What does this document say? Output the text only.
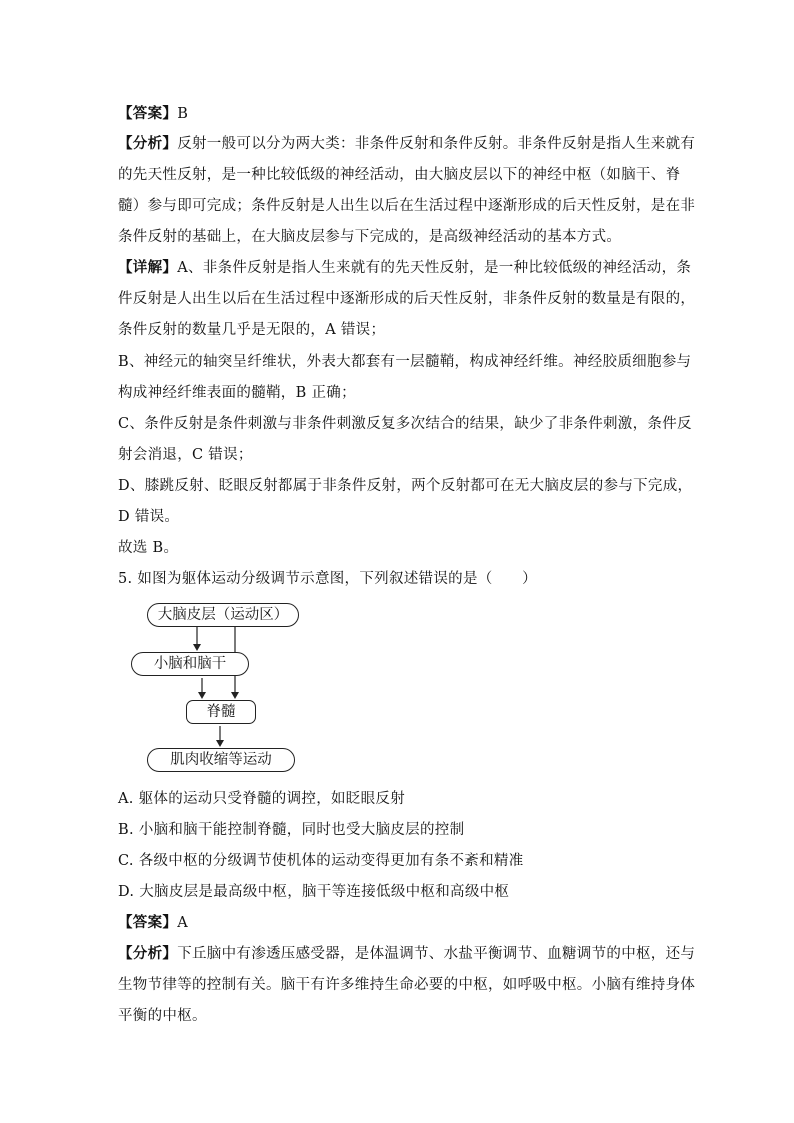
【答案】B
【分析】反射一般可以分为两大类：非条件反射和条件反射。非条件反射是指人生来就有
的先天性反射，是一种比较低级的神经活动，由大脑皮层以下的神经中枢（如脑干、脊
髓）参与即可完成；条件反射是人出生以后在生活过程中逐渐形成的后天性反射，是在非
条件反射的基础上，在大脑皮层参与下完成的，是高级神经活动的基本方式。
【详解】A、非条件反射是指人生来就有的先天性反射，是一种比较低级的神经活动，条
件反射是人出生以后在生活过程中逐渐形成的后天性反射，非条件反射的数量是有限的，
条件反射的数量几乎是无限的，A 错误；
B、神经元的轴突呈纤维状，外表大都套有一层髓鞘，构成神经纤维。神经胶质细胞参与
构成神经纤维表面的髓鞘，B 正确；
C、条件反射是条件刺激与非条件刺激反复多次结合的结果，缺少了非条件刺激，条件反
射会消退，C 错误；
D、膝跳反射、眨眼反射都属于非条件反射，两个反射都可在无大脑皮层的参与下完成，
D 错误。
故选 B。
5. 如图为躯体运动分级调节示意图，下列叙述错误的是（　　）
大脑皮层（运动区）
小脑和脑干
脊髓
肌肉收缩等运动
A. 躯体的运动只受脊髓的调控，如眨眼反射
B. 小脑和脑干能控制脊髓，同时也受大脑皮层的控制
C. 各级中枢的分级调节使机体的运动变得更加有条不紊和精准
D. 大脑皮层是最高级中枢，脑干等连接低级中枢和高级中枢
【答案】A
【分析】下丘脑中有渗透压感受器，是体温调节、水盐平衡调节、血糖调节的中枢，还与
生物节律等的控制有关。脑干有许多维持生命必要的中枢，如呼吸中枢。小脑有维持身体
平衡的中枢。
